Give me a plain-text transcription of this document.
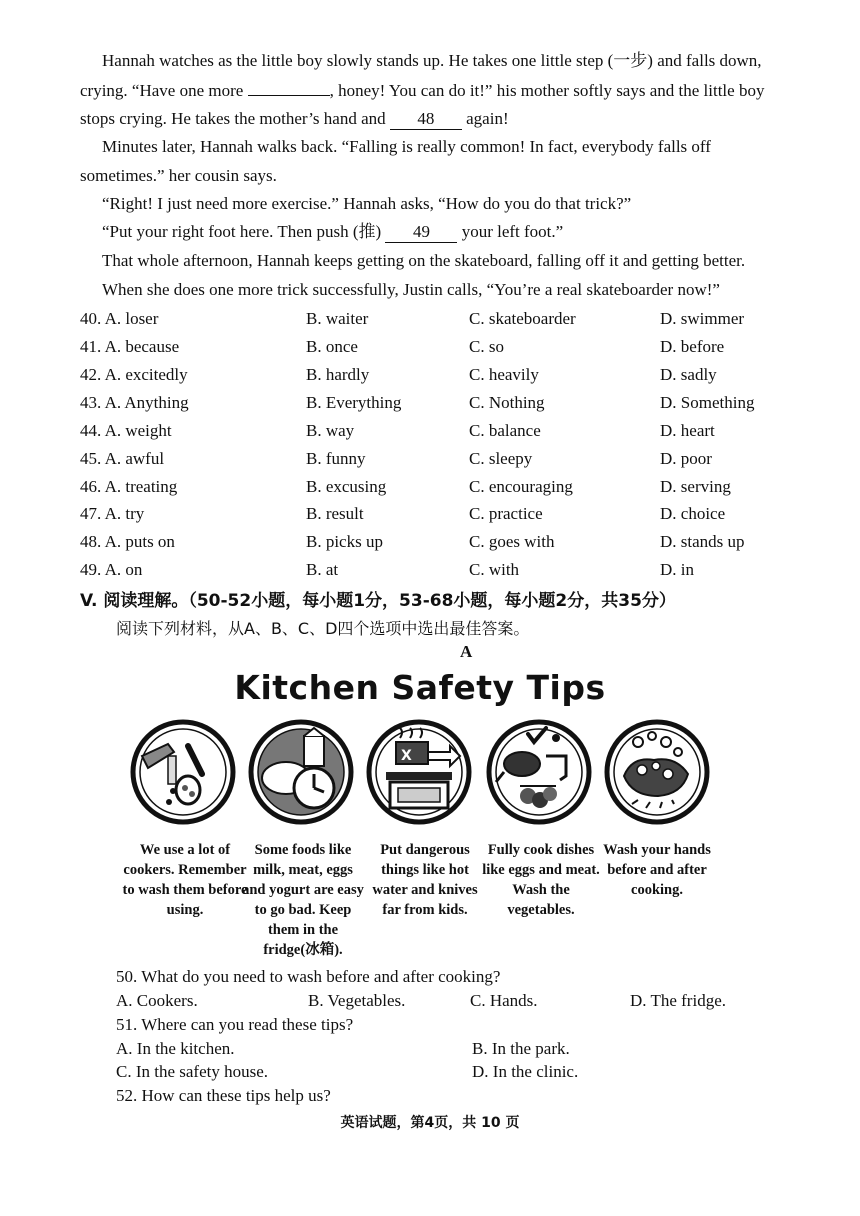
Hannah watches as the little boy slowly stands up. He takes one little step (一步) and falls down,
crying. “Have one more	, honey! You can do it!” his mother softly says and the little boy
stops crying. He takes the mother’s hand and 48 again!
Minutes later, Hannah walks back. “Falling is really common! In fact, everybody falls off
sometimes.” her cousin says.
“Right! I just need more exercise.” Hannah asks, “How do you do that trick?”
“Put your right foot here. Then push (推) 49 your left foot.”
That whole afternoon, Hannah keeps getting on the skateboard, falling off it and getting better.
When she does one more trick successfully, Justin calls, “You’re a real skateboarder now!”
40. A. loser	B. waiter	C. skateboarder	D. swimmer
41. A. because	B. once	C. so	D. before
42. A. excitedly	B. hardly	C. heavily	D. sadly
43. A. Anything	B. Everything	C. Nothing	D. Something
44. A. weight	B. way	C. balance	D. heart
45. A. awful	B. funny	C. sleepy	D. poor
46. A. treating	B. excusing	C. encouraging	D. serving
47. A. try	B. result	C. practice	D. choice
48. A. puts on	B. picks up	C. goes with	D. stands up
49. A. on	B. at	C. with	D. in
V. 阅读理解。（50-52小题，每小题1分，53-68小题，每小题2分，共35分）
阅读下列材料，从A、B、C、D四个选项中选出最佳答案。
A
Kitchen Safety Tips
X
We use a lot of cookers. Remember to wash them before using.
Some foods like milk, meat, eggs and yogurt are easy to go bad. Keep them in the fridge(冰箱).
Put dangerous things like hot water and knives far from kids.
Fully cook dishes like eggs and meat. Wash the vegetables.
Wash your hands before and after cooking.
50. What do you need to wash before and after cooking?
A. Cookers.	B. Vegetables.	C. Hands.	D. The fridge.
51. Where can you read these tips?
A. In the kitchen.	B. In the park.
C. In the safety house.	D. In the clinic.
52. How can these tips help us?
英语试题，第4页，共 10 页
